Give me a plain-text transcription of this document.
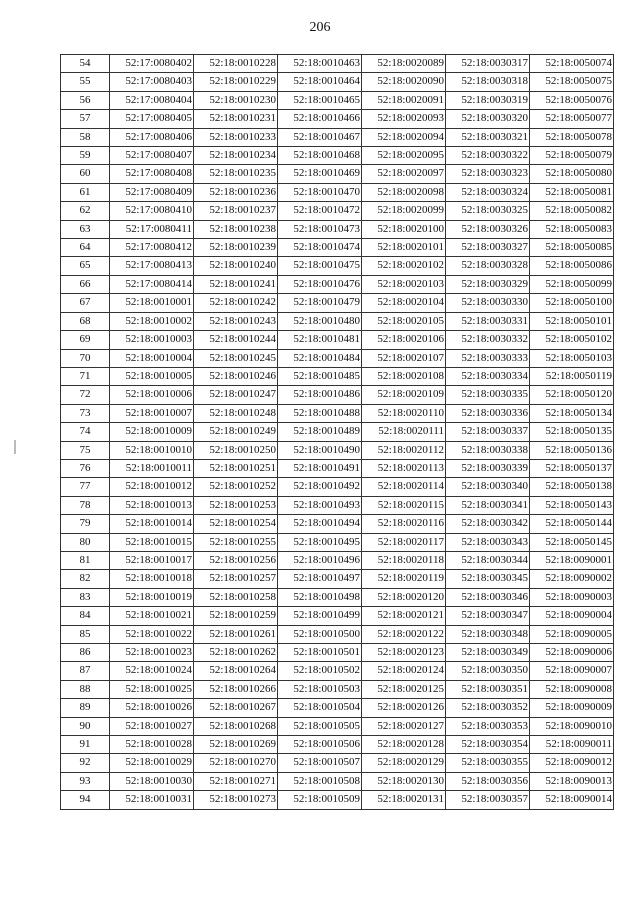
206
54	52:17:0080402	52:18:0010228	52:18:0010463	52:18:0020089	52:18:0030317	52:18:0050074
55	52:17:0080403	52:18:0010229	52:18:0010464	52:18:0020090	52:18:0030318	52:18:0050075
56	52:17:0080404	52:18:0010230	52:18:0010465	52:18:0020091	52:18:0030319	52:18:0050076
57	52:17:0080405	52:18:0010231	52:18:0010466	52:18:0020093	52:18:0030320	52:18:0050077
58	52:17:0080406	52:18:0010233	52:18:0010467	52:18:0020094	52:18:0030321	52:18:0050078
59	52:17:0080407	52:18:0010234	52:18:0010468	52:18:0020095	52:18:0030322	52:18:0050079
60	52:17:0080408	52:18:0010235	52:18:0010469	52:18:0020097	52:18:0030323	52:18:0050080
61	52:17:0080409	52:18:0010236	52:18:0010470	52:18:0020098	52:18:0030324	52:18:0050081
62	52:17:0080410	52:18:0010237	52:18:0010472	52:18:0020099	52:18:0030325	52:18:0050082
63	52:17:0080411	52:18:0010238	52:18:0010473	52:18:0020100	52:18:0030326	52:18:0050083
64	52:17:0080412	52:18:0010239	52:18:0010474	52:18:0020101	52:18:0030327	52:18:0050085
65	52:17:0080413	52:18:0010240	52:18:0010475	52:18:0020102	52:18:0030328	52:18:0050086
66	52:17:0080414	52:18:0010241	52:18:0010476	52:18:0020103	52:18:0030329	52:18:0050099
67	52:18:0010001	52:18:0010242	52:18:0010479	52:18:0020104	52:18:0030330	52:18:0050100
68	52:18:0010002	52:18:0010243	52:18:0010480	52:18:0020105	52:18:0030331	52:18:0050101
69	52:18:0010003	52:18:0010244	52:18:0010481	52:18:0020106	52:18:0030332	52:18:0050102
70	52:18:0010004	52:18:0010245	52:18:0010484	52:18:0020107	52:18:0030333	52:18:0050103
71	52:18:0010005	52:18:0010246	52:18:0010485	52:18:0020108	52:18:0030334	52:18:0050119
72	52:18:0010006	52:18:0010247	52:18:0010486	52:18:0020109	52:18:0030335	52:18:0050120
73	52:18:0010007	52:18:0010248	52:18:0010488	52:18:0020110	52:18:0030336	52:18:0050134
74	52:18:0010009	52:18:0010249	52:18:0010489	52:18:0020111	52:18:0030337	52:18:0050135
75	52:18:0010010	52:18:0010250	52:18:0010490	52:18:0020112	52:18:0030338	52:18:0050136
76	52:18:0010011	52:18:0010251	52:18:0010491	52:18:0020113	52:18:0030339	52:18:0050137
77	52:18:0010012	52:18:0010252	52:18:0010492	52:18:0020114	52:18:0030340	52:18:0050138
78	52:18:0010013	52:18:0010253	52:18:0010493	52:18:0020115	52:18:0030341	52:18:0050143
79	52:18:0010014	52:18:0010254	52:18:0010494	52:18:0020116	52:18:0030342	52:18:0050144
80	52:18:0010015	52:18:0010255	52:18:0010495	52:18:0020117	52:18:0030343	52:18:0050145
81	52:18:0010017	52:18:0010256	52:18:0010496	52:18:0020118	52:18:0030344	52:18:0090001
82	52:18:0010018	52:18:0010257	52:18:0010497	52:18:0020119	52:18:0030345	52:18:0090002
83	52:18:0010019	52:18:0010258	52:18:0010498	52:18:0020120	52:18:0030346	52:18:0090003
84	52:18:0010021	52:18:0010259	52:18:0010499	52:18:0020121	52:18:0030347	52:18:0090004
85	52:18:0010022	52:18:0010261	52:18:0010500	52:18:0020122	52:18:0030348	52:18:0090005
86	52:18:0010023	52:18:0010262	52:18:0010501	52:18:0020123	52:18:0030349	52:18:0090006
87	52:18:0010024	52:18:0010264	52:18:0010502	52:18:0020124	52:18:0030350	52:18:0090007
88	52:18:0010025	52:18:0010266	52:18:0010503	52:18:0020125	52:18:0030351	52:18:0090008
89	52:18:0010026	52:18:0010267	52:18:0010504	52:18:0020126	52:18:0030352	52:18:0090009
90	52:18:0010027	52:18:0010268	52:18:0010505	52:18:0020127	52:18:0030353	52:18:0090010
91	52:18:0010028	52:18:0010269	52:18:0010506	52:18:0020128	52:18:0030354	52:18:0090011
92	52:18:0010029	52:18:0010270	52:18:0010507	52:18:0020129	52:18:0030355	52:18:0090012
93	52:18:0010030	52:18:0010271	52:18:0010508	52:18:0020130	52:18:0030356	52:18:0090013
94	52:18:0010031	52:18:0010273	52:18:0010509	52:18:0020131	52:18:0030357	52:18:0090014
